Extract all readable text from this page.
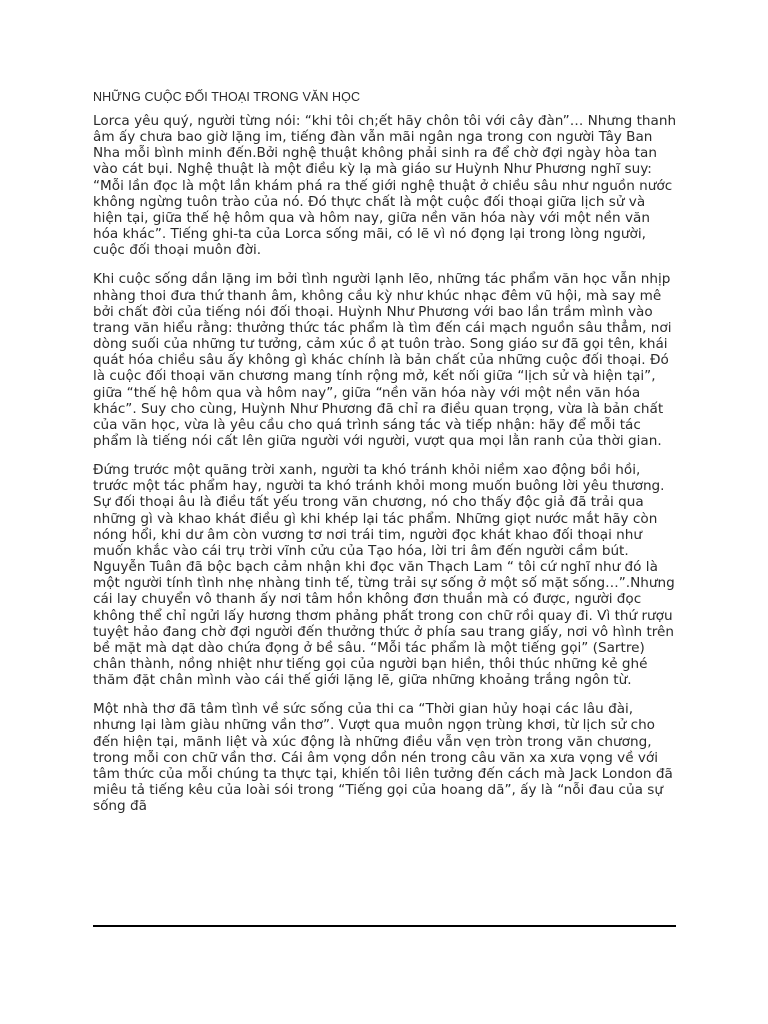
NHỮNG CUỘC ĐỐI THOẠI TRONG VĂN HỌC

Lorca yêu quý, người từng nói: “khi tôi ch;ết hãy chôn tôi với cây đàn”… Nhưng thanh âm ấy chưa bao giờ lặng im, tiếng đàn vẫn mãi ngân nga trong con người Tây Ban Nha mỗi bình minh đến.Bởi nghệ thuật không phải sinh ra để chờ đợi ngày hòa tan vào cát bụi. Nghệ thuật là một điều kỳ lạ mà giáo sư Huỳnh Như Phương nghĩ suy: “Mỗi lần đọc là một lần khám phá ra thế giới nghệ thuật ở chiều sâu như nguồn nước không ngừng tuôn trào của nó. Đó thực chất là một cuộc đối thoại giữa lịch sử và hiện tại, giữa thế hệ hôm qua và hôm nay, giữa nền văn hóa này với một nền văn hóa khác”. Tiếng ghi-ta của Lorca sống mãi, có lẽ vì nó đọng lại trong lòng người, cuộc đối thoại muôn đời.

Khi cuộc sống dần lặng im bởi tình người lạnh lẽo, những tác phẩm văn học vẫn nhịp nhàng thoi đưa thứ thanh âm, không cầu kỳ như khúc nhạc đêm vũ hội, mà say mê bởi chất đời của tiếng nói đối thoại. Huỳnh Như Phương với bao lần trầm mình vào trang văn hiểu rằng: thưởng thức tác phẩm là tìm đến cái mạch nguồn sâu thẳm, nơi dòng suối của những tư tưởng, cảm xúc ồ ạt tuôn trào. Song giáo sư đã gọi tên, khái quát hóa chiều sâu ấy không gì khác chính là bản chất của những cuộc đối thoại. Đó là cuộc đối thoại văn chương mang tính rộng mở, kết nối giữa “lịch sử và hiện tại”, giữa “thế hệ hôm qua và hôm nay”, giữa “nền văn hóa này với một nền văn hóa khác”. Suy cho cùng, Huỳnh Như Phương đã chỉ ra điều quan trọng, vừa là bản chất của văn học, vừa là yêu cầu cho quá trình sáng tác và tiếp nhận: hãy để mỗi tác phẩm là tiếng nói cất lên giữa người với người, vượt qua mọi lằn ranh của thời gian.

Đứng trước một quãng trời xanh, người ta khó tránh khỏi niềm xao động bồi hồi, trước một tác phẩm hay, người ta khó tránh khỏi mong muốn buông lời yêu thương. Sự đối thoại âu là điều tất yếu trong văn chương, nó cho thấy độc giả đã trải qua những gì và khao khát điều gì khi khép lại tác phẩm. Những giọt nước mắt hãy còn nóng hổi, khi dư âm còn vương tơ nơi trái tim, người đọc khát khao đối thoại như muốn khắc vào cái trụ trời vĩnh cửu của Tạo hóa, lời tri âm đến người cầm bút. Nguyễn Tuân đã bộc bạch cảm nhận khi đọc văn Thạch Lam “ tôi cứ nghĩ như đó là một người tính tình nhẹ nhàng tinh tế, từng trải sự sống ở một số mặt sống…”.Nhưng cái lay chuyển vô thanh ấy nơi tâm hồn không đơn thuần mà có được, người đọc không thể chỉ ngửi lấy hương thơm phảng phất trong con chữ rồi quay đi. Vì thứ rượu tuyệt hảo đang chờ đợi người đến thưởng thức ở phía sau trang giấy, nơi vô hình trên bề mặt mà dạt dào chứa đọng ở bề sâu. “Mỗi tác phẩm là một tiếng gọi” (Sartre) chân thành, nồng nhiệt như tiếng gọi của người bạn hiền, thôi thúc những kẻ ghé thăm đặt chân mình vào cái thế giới lặng lẽ, giữa những khoảng trắng ngôn từ.

Một nhà thơ đã tâm tình về sức sống của thi ca “Thời gian hủy hoại các lâu đài, nhưng lại làm giàu những vần thơ”. Vượt qua muôn ngọn trùng khơi, từ lịch sử cho đến hiện tại, mãnh liệt và xúc động là những điều vẫn vẹn tròn trong văn chương, trong mỗi con chữ vần thơ. Cái âm vọng dồn nén trong câu văn xa xưa vọng về với tâm thức của mỗi chúng ta thực tại, khiến tôi liên tưởng đến cách mà Jack London đã miêu tả tiếng kêu của loài sói trong “Tiếng gọi của hoang dã”, ấy là “nỗi đau của sự sống đã
